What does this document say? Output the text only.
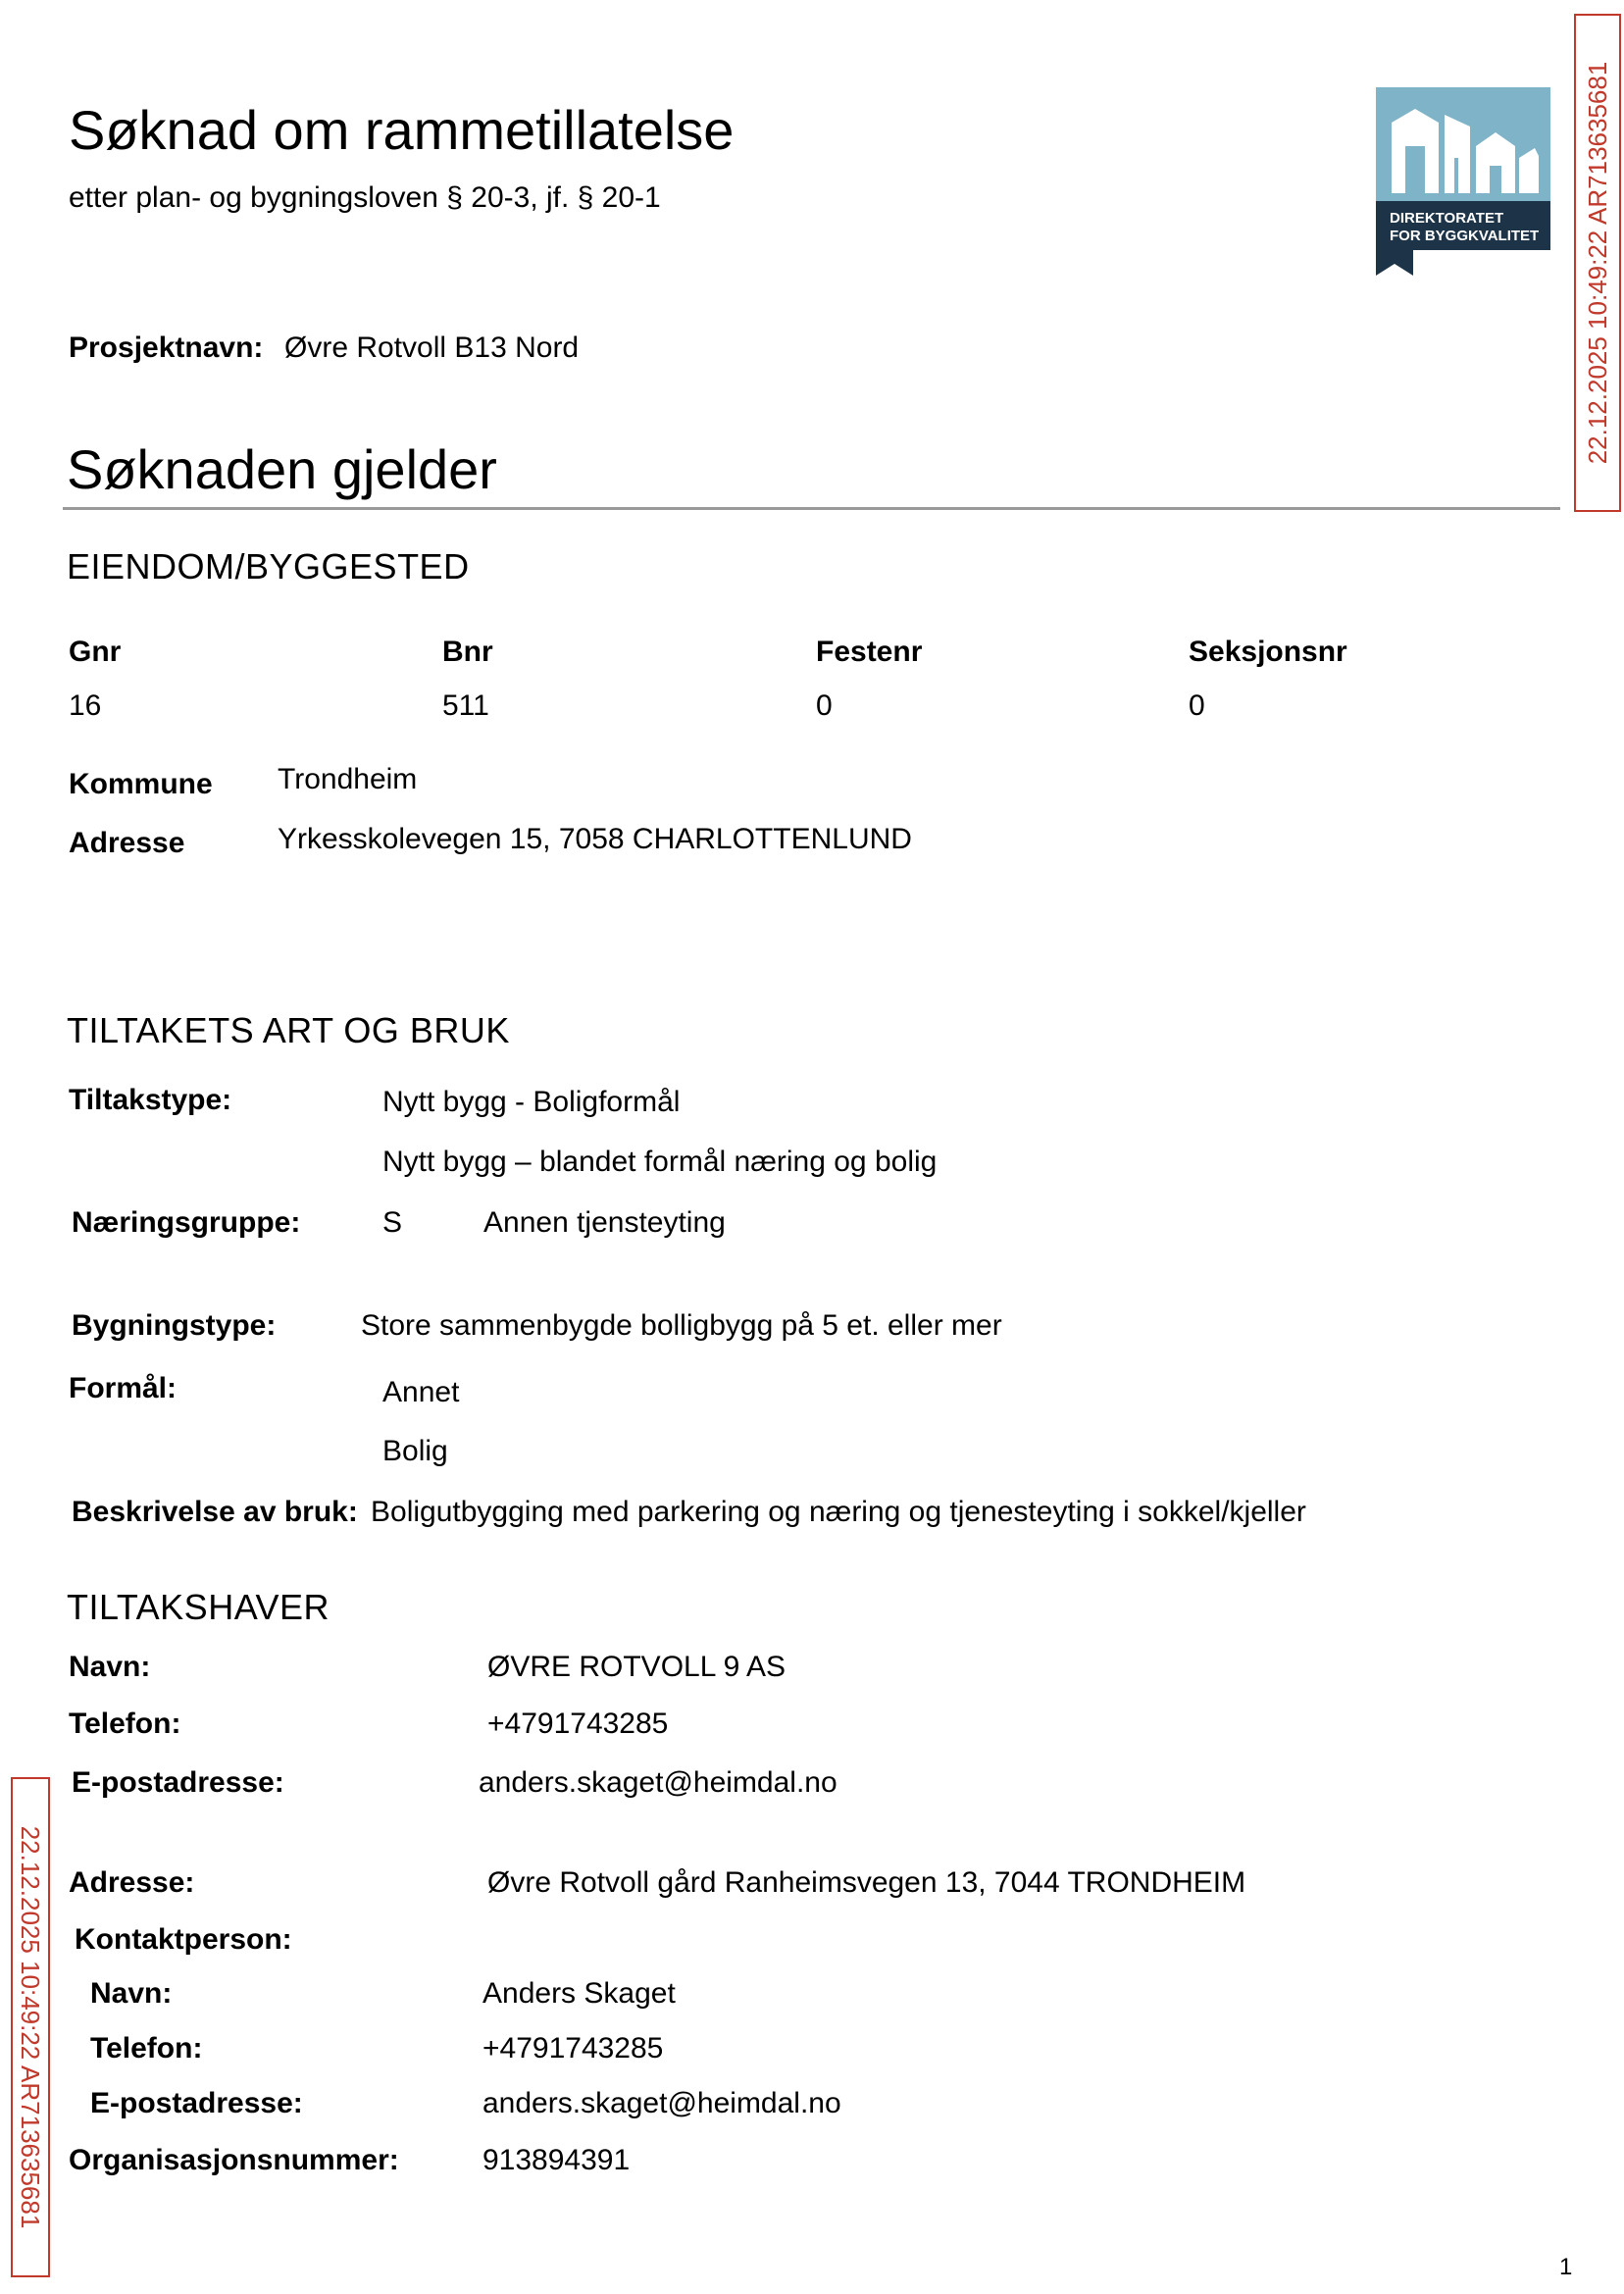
Søknad om rammetillatelse
etter plan- og bygningsloven § 20-3, jf. § 20-1
DIREKTORATET
FOR BYGGKVALITET 22.12.2025 10:49:22 AR713635681
22.12.2025 10:49:22 AR713635681
Prosjektnavn: Øvre Rotvoll B13 Nord
Søknaden gjelder
EIENDOM/BYGGESTED
Gnr	Bnr	Festenr	Seksjonsnr
16	511	0	0
Kommune Trondheim
Adresse	Yrkesskolevegen 15, 7058 CHARLOTTENLUND
TILTAKETS ART OG BRUK
Tiltakstype:	Nytt bygg - Boligformål
Nytt bygg – blandet formål næring og bolig
Næringsgruppe:	S	Annen tjensteyting
Bygningstype:	Store sammenbygde bolligbygg på 5 et. eller mer
Formål:	Annet
Bolig
Beskrivelse av bruk: Boligutbygging med parkering og næring og tjenesteyting i sokkel/kjeller
TILTAKSHAVER
Navn:	ØVRE ROTVOLL 9 AS
Telefon:	+4791743285
E-postadresse:	anders.skaget@heimdal.no
Adresse:	Øvre Rotvoll gård Ranheimsvegen 13, 7044 TRONDHEIM
Kontaktperson:
Navn:	Anders Skaget
Telefon:	+4791743285
E-postadresse:	anders.skaget@heimdal.no
Organisasjonsnummer:	913894391
1
